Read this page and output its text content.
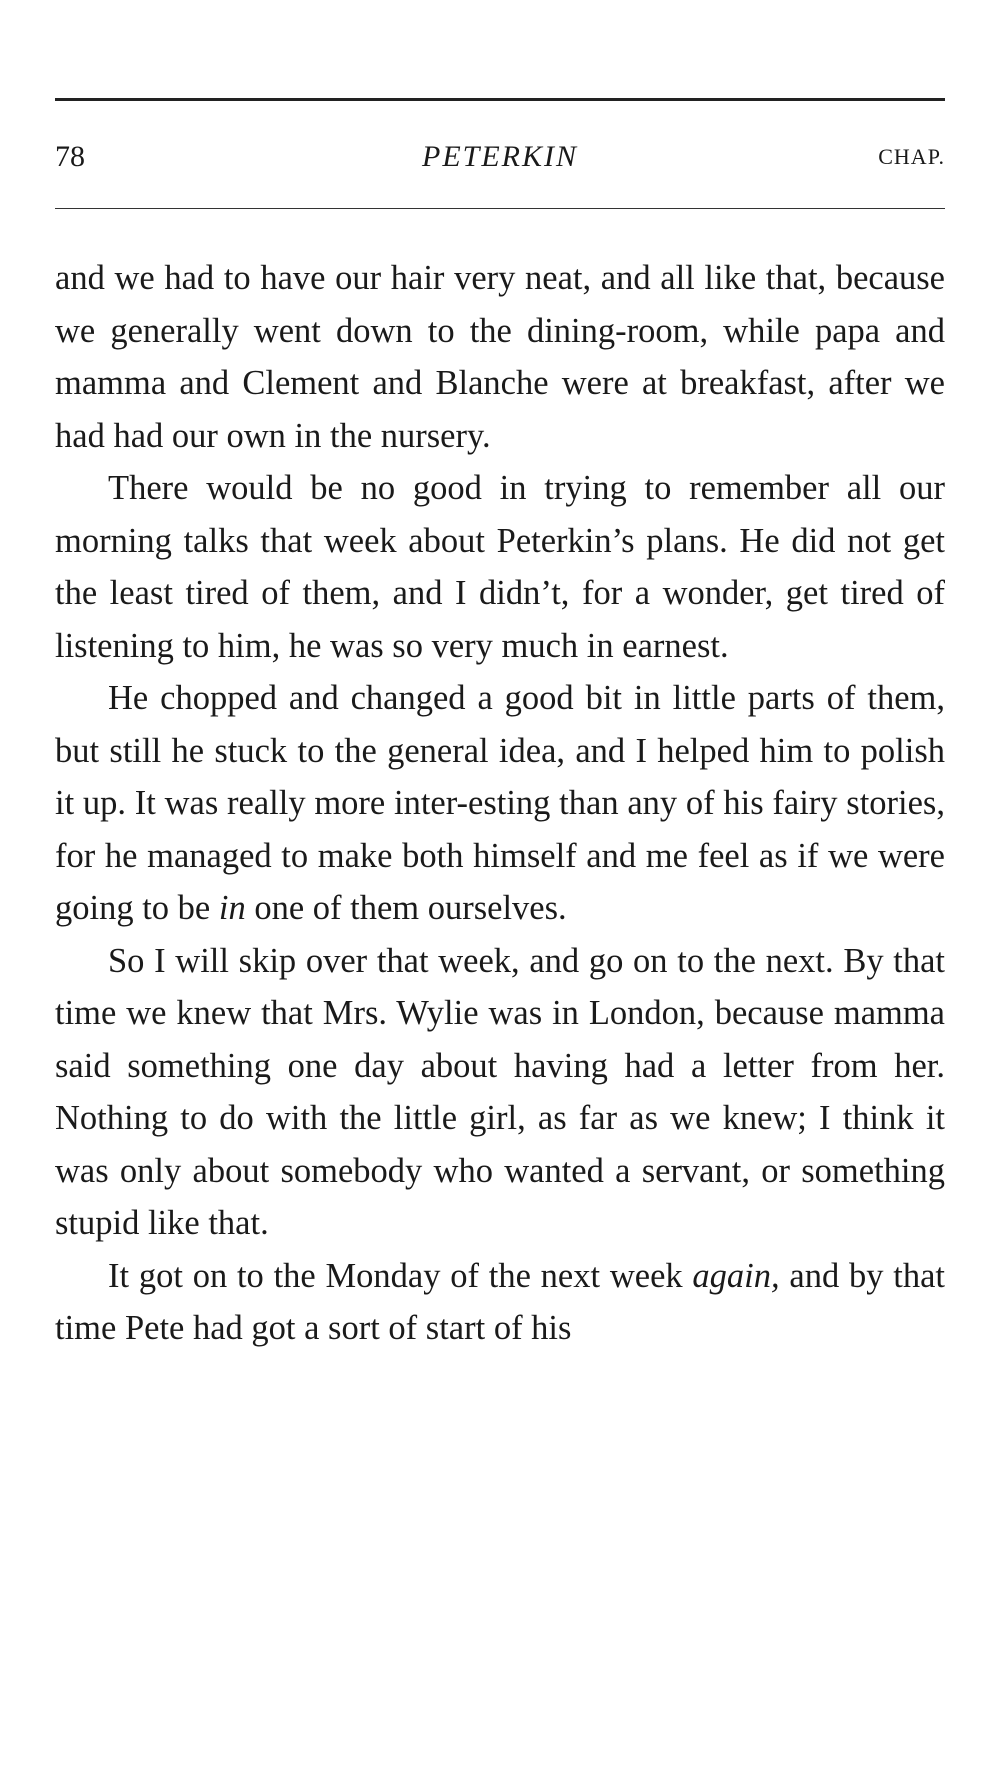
78	PETERKIN	CHAP.

and we had to have our hair very neat, and all like that, because we generally went down to the dining-room, while papa and mamma and Clement and Blanche were at breakfast, after we had had our own in the nursery.

There would be no good in trying to remember all our morning talks that week about Peterkin’s plans. He did not get the least tired of them, and I didn’t, for a wonder, get tired of listening to him, he was so very much in earnest.

He chopped and changed a good bit in little parts of them, but still he stuck to the general idea, and I helped him to polish it up. It was really more inter-esting than any of his fairy stories, for he managed to make both himself and me feel as if we were going to be in one of them ourselves.

So I will skip over that week, and go on to the next. By that time we knew that Mrs. Wylie was in London, because mamma said something one day about having had a letter from her. Nothing to do with the little girl, as far as we knew; I think it was only about somebody who wanted a servant, or something stupid like that.

It got on to the Monday of the next week again, and by that time Pete had got a sort of start of his
